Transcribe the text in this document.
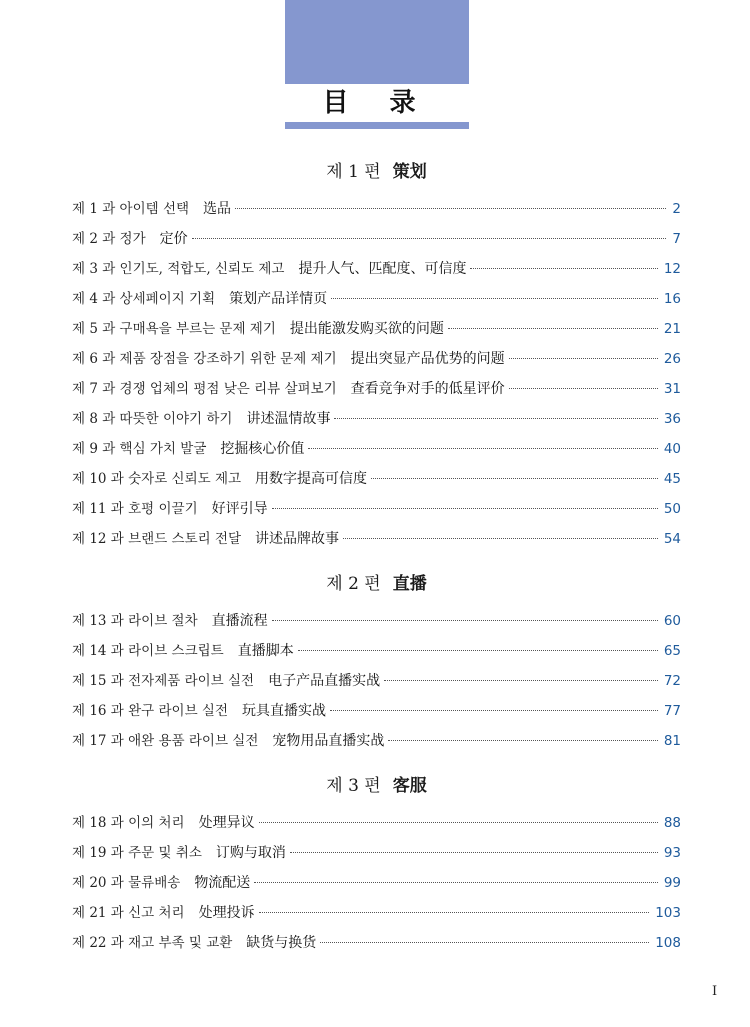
目 录
제 1 편 策划
제 1 과 아이템 선택 选品	2
제 2 과 정가 定价	7
제 3 과 인기도, 적합도, 신뢰도 제고 提升人气、匹配度、可信度	12
제 4 과 상세페이지 기획 策划产品详情页	16
제 5 과 구매욕을 부르는 문제 제기 提出能激发购买欲的问题	21
제 6 과 제품 장점을 강조하기 위한 문제 제기 提出突显产品优势的问题	26
제 7 과 경쟁 업체의 평점 낮은 리뷰 살펴보기 查看竞争对手的低星评价	31
제 8 과 따뜻한 이야기 하기 讲述温情故事	36
제 9 과 핵심 가치 발굴 挖掘核心价值	40
제 10 과 숫자로 신뢰도 제고 用数字提高可信度	45
제 11 과 호평 이끌기 好评引导	50
제 12 과 브랜드 스토리 전달 讲述品牌故事	54
제 2 편 直播
제 13 과 라이브 절차 直播流程	60
제 14 과 라이브 스크립트 直播脚本	65
제 15 과 전자제품 라이브 실전 电子产品直播实战	72
제 16 과 완구 라이브 실전 玩具直播实战	77
제 17 과 애완 용품 라이브 실전 宠物用品直播实战	81
제 3 편 客服
제 18 과 이의 처리 处理异议	88
제 19 과 주문 및 취소 订购与取消	93
제 20 과 물류배송 物流配送	99
제 21 과 신고 처리 处理投诉	103
제 22 과 재고 부족 및 교환 缺货与换货	108
I
